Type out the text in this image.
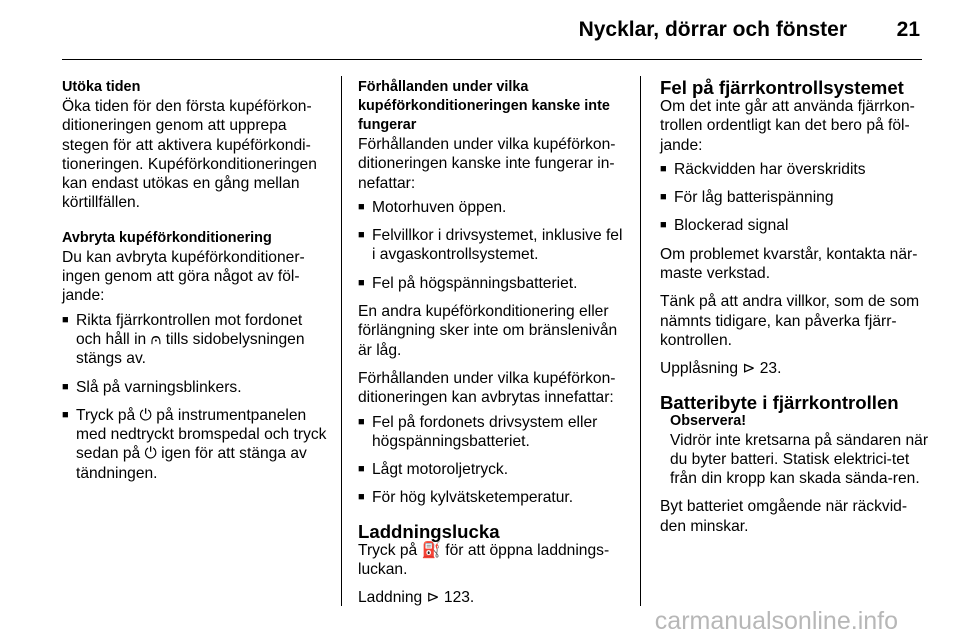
Nycklar, dörrar och fönster 21
Utöka tiden

Öka tiden för den första kupéförkon-ditioneringen genom att upprepa stegen för att aktivera kupéförkondi-tioneringen. Kupéförkonditioneringen kan endast utökas en gång mellan körtillfällen.

Avbryta kupéförkonditionering

Du kan avbryta kupéförkonditioner-ingen genom att göra något av föl-jande:

■ Rikta fjärrkontrollen mot fordonet och håll in ⩀ tills sidobelysningen stängs av.
■ Slå på varningsblinkers.
■ Tryck på ⏻ på instrumentpanelen med nedtryckt bromspedal och tryck sedan på ⏻ igen för att stänga av tändningen.
Förhållanden under vilka kupéförkonditioneringen kanske inte fungerar

Förhållanden under vilka kupéförkon-ditioneringen kanske inte fungerar in-nefattar:

■ Motorhuven öppen.
■ Felvillkor i drivsystemet, inklusive fel i avgaskontrollsystemet.
■ Fel på högspänningsbatteriet.

En andra kupéförkonditionering eller förlängning sker inte om bränslenivån är låg.

Förhållanden under vilka kupéförkon-ditioneringen kan avbrytas innefattar:

■ Fel på fordonets drivsystem eller högspänningsbatteriet.
■ Lågt motoroljetryck.
■ För hög kylvätsketemperatur.
Laddningslucka

Tryck på ⛽ för att öppna laddnings-luckan.

Laddning ⊳ 123.

Fel på fjärrkontrollsystemet

Om det inte går att använda fjärrkon-trollen ordentligt kan det bero på föl-jande:

■ Räckvidden har överskridits
■ För låg batterispänning
■ Blockerad signal

Om problemet kvarstår, kontakta när-maste verkstad.

Tänk på att andra villkor, som de som nämnts tidigare, kan påverka fjärr-kontrollen.

Upplåsning ⊳ 23.

Batteribyte i fjärrkontrollen
Observera!

Vidrör inte kretsarna på sändaren när du byter batteri. Statisk elektrici-tet från din kropp kan skada sända-ren.

Byt batteriet omgående när räckvid-den minskar.

carmanualsonline.info
